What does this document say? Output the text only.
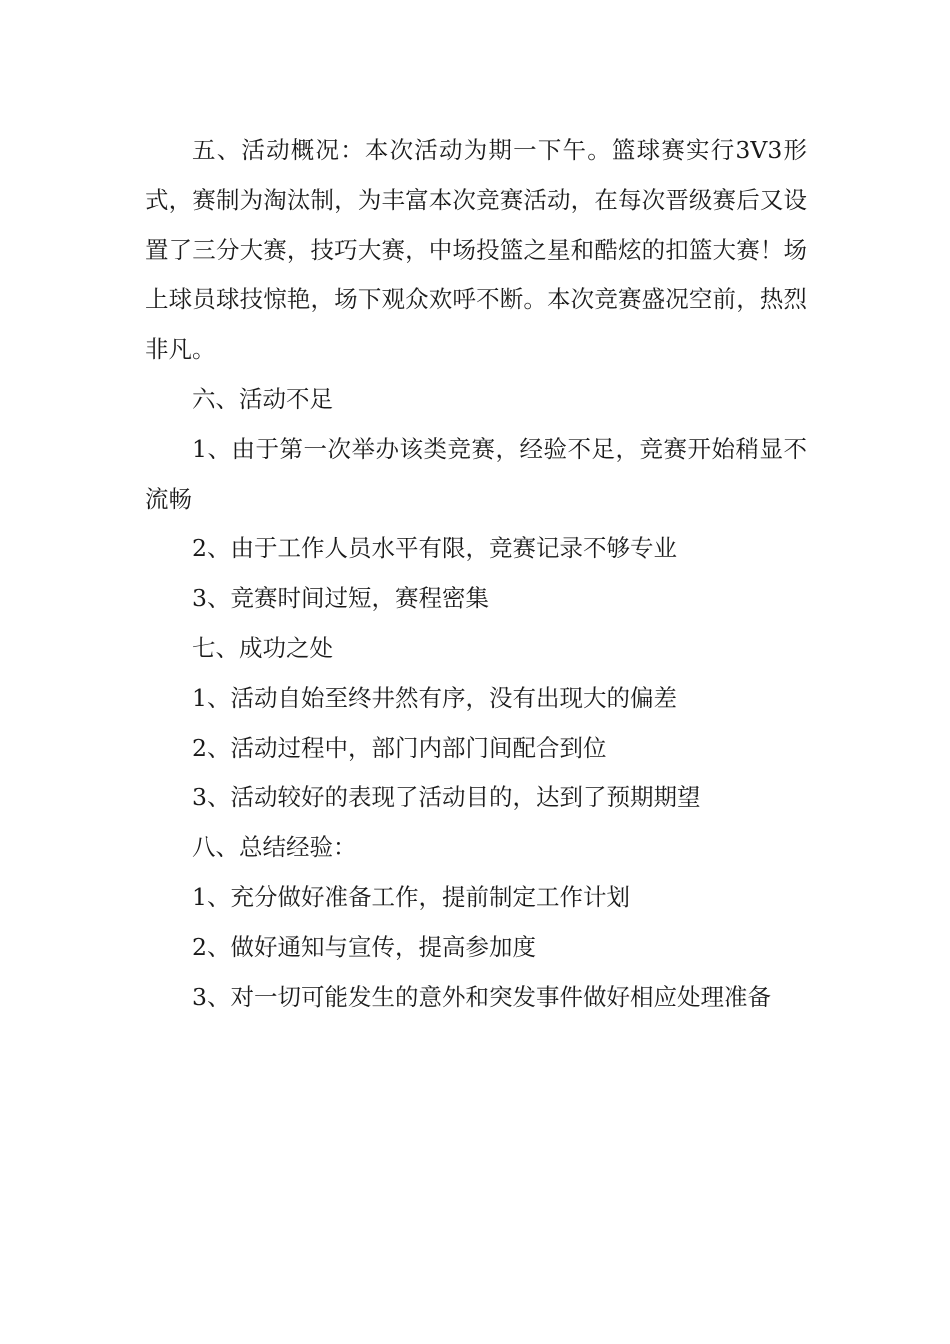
五、活动概况：本次活动为期一下午。篮球赛实行3V3形式，赛制为淘汰制，为丰富本次竞赛活动，在每次晋级赛后又设置了三分大赛，技巧大赛，中场投篮之星和酷炫的扣篮大赛！场上球员球技惊艳，场下观众欢呼不断。本次竞赛盛况空前，热烈非凡。

六、活动不足

1、由于第一次举办该类竞赛，经验不足，竞赛开始稍显不流畅

2、由于工作人员水平有限，竞赛记录不够专业

3、竞赛时间过短，赛程密集

七、成功之处

1、活动自始至终井然有序，没有出现大的偏差

2、活动过程中，部门内部门间配合到位

3、活动较好的表现了活动目的，达到了预期期望

八、总结经验：

1、充分做好准备工作，提前制定工作计划

2、做好通知与宣传，提高参加度

3、对一切可能发生的意外和突发事件做好相应处理准备
